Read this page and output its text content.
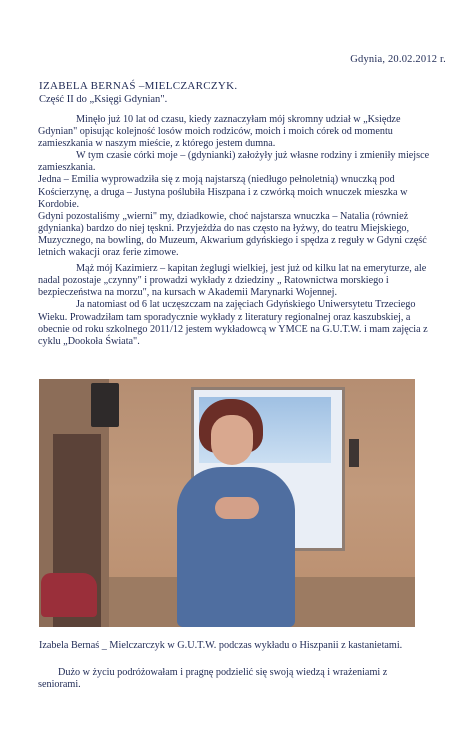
Gdynia, 20.02.2012 r.
IZABELA BERNAŚ –MIELCZARCZYK.
Część II do „Księgi Gdynian".

Minęło już 10 lat od czasu, kiedy zaznaczyłam mój skromny udział w „Księdze Gdynian" opisując kolejność losów moich rodziców, moich i moich córek od momentu zamieszkania w naszym mieście, z którego jestem dumna.

W tym czasie córki moje – (gdynianki) założyły już własne rodziny i zmieniły miejsce zamieszkania.

Jedna – Emilia wyprowadziła się z moją najstarszą (niedługo pełnoletnią) wnuczką pod Kościerzynę, a druga – Justyna poślubiła Hiszpana i z czwórką moich wnuczek mieszka w Kordobie.

Gdyni pozostaliśmy „wierni" my, dziadkowie, choć najstarsza wnuczka – Natalia (również gdynianka) bardzo do niej tęskni. Przyjeżdża do nas często na łyżwy, do teatru Miejskiego, Muzycznego, na bowling, do Muzeum, Akwarium gdyńskiego i spędza z reguły w Gdyni część letnich wakacji oraz ferie zimowe.

Mąż mój Kazimierz – kapitan żeglugi wielkiej, jest już od kilku lat na emeryturze, ale nadal pozostaje „czynny" i prowadzi wykłady z dziedziny „ Ratownictwa morskiego i bezpieczeństwa na morzu", na kursach w Akademii Marynarki Wojennej.

Ja natomiast od 6 lat uczęszczam na zajęciach Gdyńskiego Uniwersytetu Trzeciego Wieku. Prowadziłam tam sporadycznie wykłady z literatury regionalnej oraz kaszubskiej, a obecnie od roku szkolnego 2011/12 jestem wykładowcą w YMCE na G.U.T.W. i mam zajęcia z cyklu „Dookoła Świata".

Izabela Bernaś _ Mielczarczyk w G.U.T.W. podczas wykładu o Hiszpanii z kastanietami.
Dużo w życiu podróżowałam i pragnę podzielić się swoją wiedzą i wrażeniami z seniorami.
